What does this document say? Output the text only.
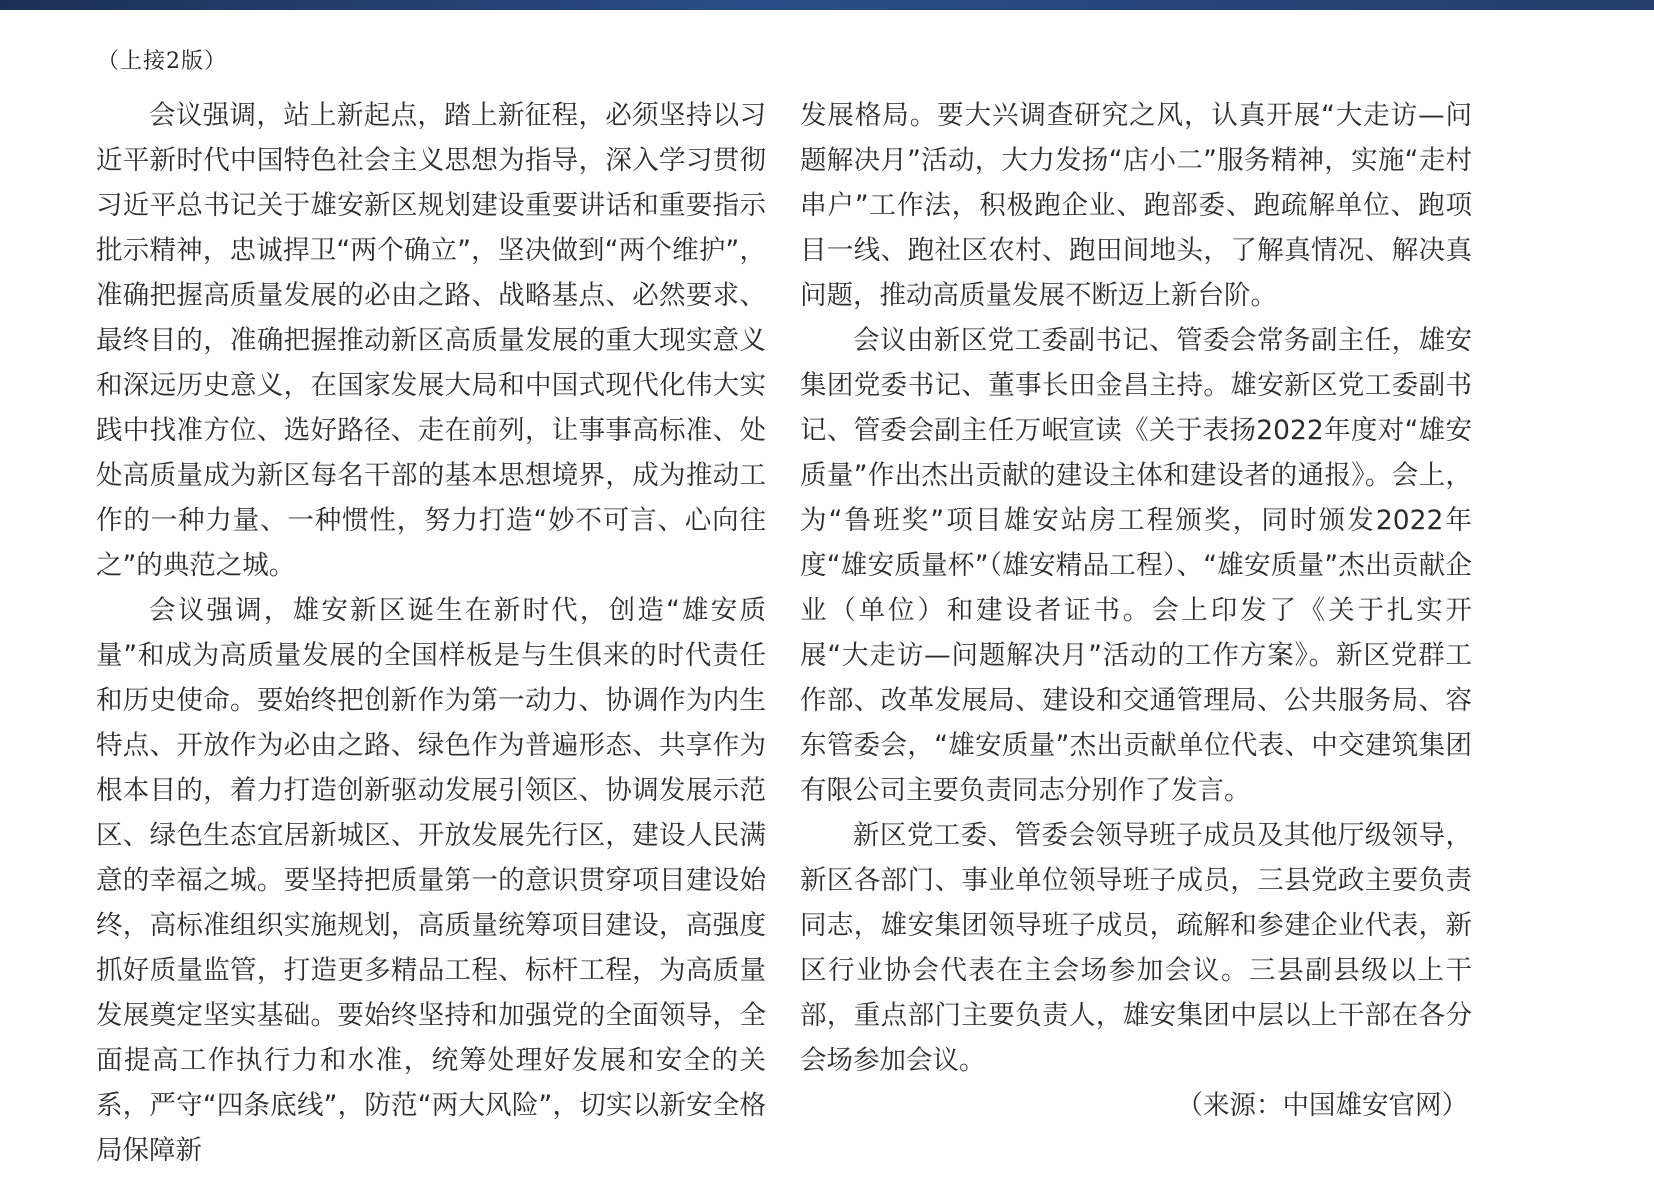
（上接2版）

会议强调，站上新起点，踏上新征程，必须坚持以习近平新时代中国特色社会主义思想为指导，深入学习贯彻习近平总书记关于雄安新区规划建设重要讲话和重要指示批示精神，忠诚捍卫“两个确立”，坚决做到“两个维护”，准确把握高质量发展的必由之路、战略基点、必然要求、最终目的，准确把握推动新区高质量发展的重大现实意义和深远历史意义，在国家发展大局和中国式现代化伟大实践中找准方位、选好路径、走在前列，让事事高标准、处处高质量成为新区每名干部的基本思想境界，成为推动工作的一种力量、一种惯性，努力打造“妙不可言、心向往之”的典范之城。

会议强调，雄安新区诞生在新时代，创造“雄安质量”和成为高质量发展的全国样板是与生俱来的时代责任和历史使命。要始终把创新作为第一动力、协调作为内生特点、开放作为必由之路、绿色作为普遍形态、共享作为根本目的，着力打造创新驱动发展引领区、协调发展示范区、绿色生态宜居新城区、开放发展先行区，建设人民满意的幸福之城。要坚持把质量第一的意识贯穿项目建设始终，高标准组织实施规划，高质量统筹项目建设，高强度抓好质量监管，打造更多精品工程、标杆工程，为高质量发展奠定坚实基础。要始终坚持和加强党的全面领导，全面提高工作执行力和水准，统筹处理好发展和安全的关系，严守“四条底线”，防范“两大风险”，切实以新安全格局保障新

发展格局。要大兴调查研究之风，认真开展“大走访—问题解决月”活动，大力发扬“店小二”服务精神，实施“走村串户”工作法，积极跑企业、跑部委、跑疏解单位、跑项目一线、跑社区农村、跑田间地头，了解真情况、解决真问题，推动高质量发展不断迈上新台阶。

会议由新区党工委副书记、管委会常务副主任，雄安集团党委书记、董事长田金昌主持。雄安新区党工委副书记、管委会副主任万岷宣读《关于表扬2022年度对“雄安质量”作出杰出贡献的建设主体和建设者的通报》。会上，为“鲁班奖”项目雄安站房工程颁奖，同时颁发2022年度“雄安质量杯”（雄安精品工程）、“雄安质量”杰出贡献企业（单位）和建设者证书。会上印发了《关于扎实开展“大走访—问题解决月”活动的工作方案》。新区党群工作部、改革发展局、建设和交通管理局、公共服务局、容东管委会，“雄安质量”杰出贡献单位代表、中交建筑集团有限公司主要负责同志分别作了发言。

新区党工委、管委会领导班子成员及其他厅级领导，新区各部门、事业单位领导班子成员，三县党政主要负责同志，雄安集团领导班子成员，疏解和参建企业代表，新区行业协会代表在主会场参加会议。三县副县级以上干部，重点部门主要负责人，雄安集团中层以上干部在各分会场参加会议。

（来源：中国雄安官网）
